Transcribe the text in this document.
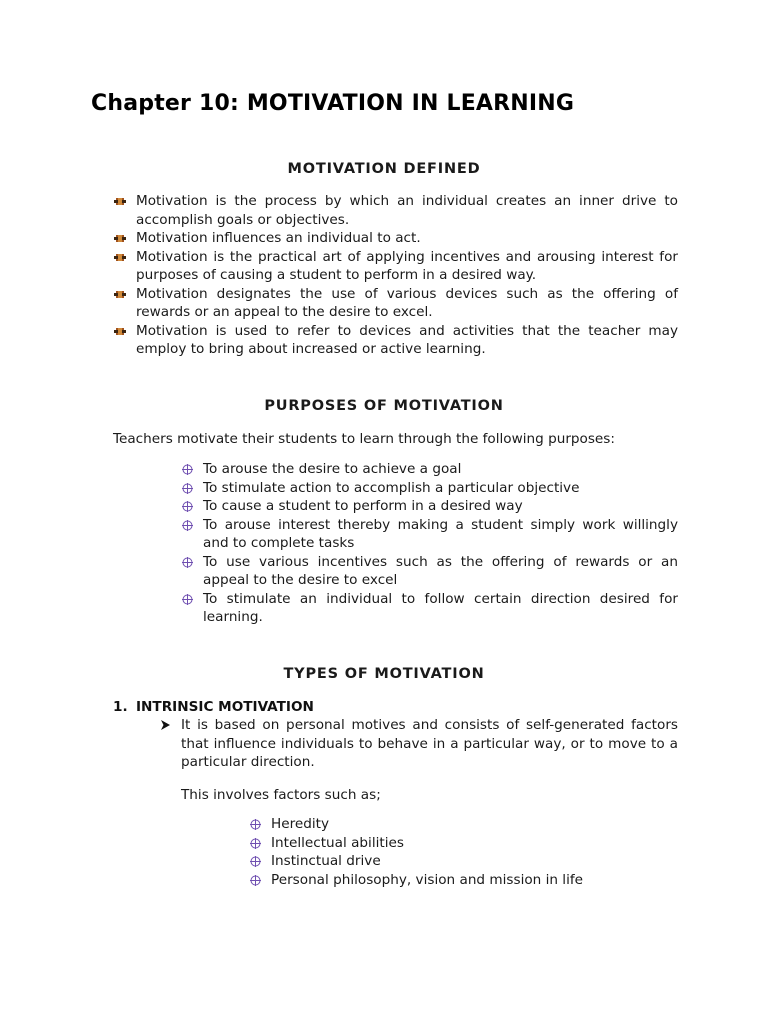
Chapter 10: MOTIVATION IN LEARNING
MOTIVATION DEFINED
Motivation is the process by which an individual creates an inner drive to accomplish goals or objectives.
Motivation influences an individual to act.
Motivation is the practical art of applying incentives and arousing interest for purposes of causing a student to perform in a desired way.
Motivation designates the use of various devices such as the offering of rewards or an appeal to the desire to excel.
Motivation is used to refer to devices and activities that the teacher may employ to bring about increased or active learning.
PURPOSES OF MOTIVATION

Teachers motivate their students to learn through the following purposes:

To arouse the desire to achieve a goal
To stimulate action to accomplish a particular objective
To cause a student to perform in a desired way
To arouse interest thereby making a student simply work willingly and to complete tasks
To use various incentives such as the offering of rewards or an appeal to the desire to excel
To stimulate an individual to follow certain direction desired for learning.
TYPES OF MOTIVATION
1. INTRINSIC MOTIVATION
It is based on personal motives and consists of self-generated factors that influence individuals to behave in a particular way, or to move to a particular direction.

This involves factors such as;

Heredity
Intellectual abilities
Instinctual drive
Personal philosophy, vision and mission in life
